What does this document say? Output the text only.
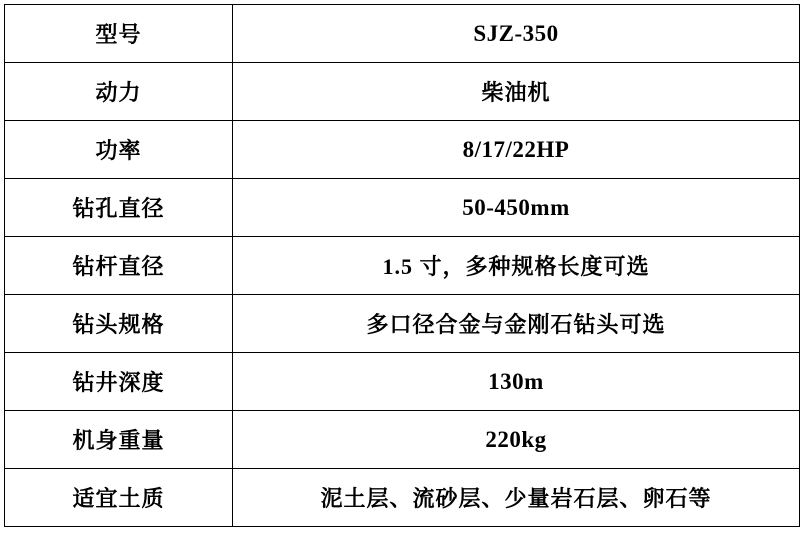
型号	SJZ-350
动力	柴油机
功率	8/17/22HP
钻孔直径	50-450mm
钻杆直径	1.5 寸，多种规格长度可选
钻头规格	多口径合金与金刚石钻头可选
钻井深度	130m
机身重量	220kg
适宜土质	泥土层、流砂层、少量岩石层、卵石等
